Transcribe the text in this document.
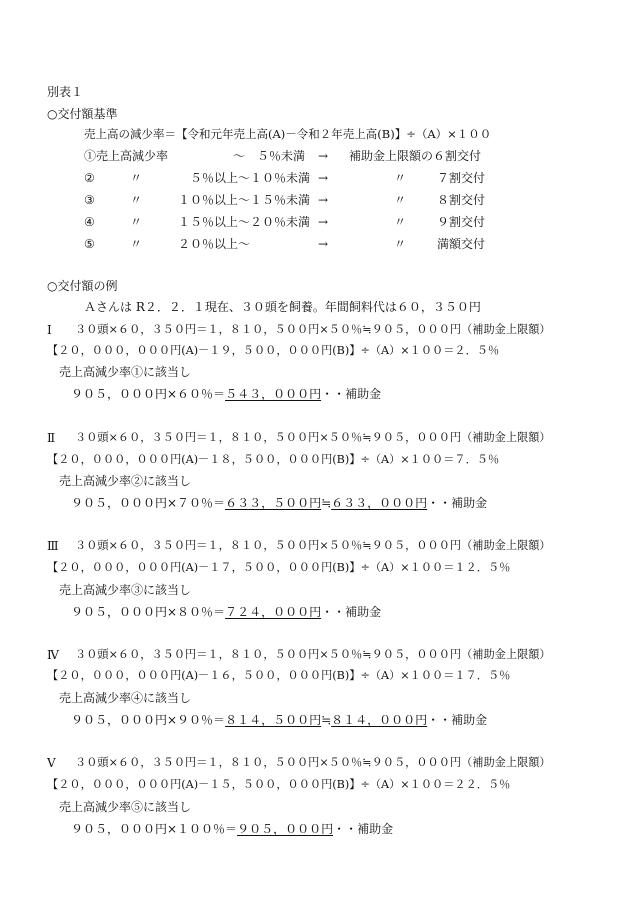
別表１
○交付額基準
売上高の減少率＝【令和元年売上高(A)－令和２年売上高(B)】÷（A）×１００
①売上高減少率	～　５％未満 → 補助金上限額の６割交付
②	〃	５％以上～１０％未満 →	〃	７割交付
③	〃	１０％以上～１５％未満 →	〃	８割交付
④	〃	１５％以上～２０％未満 →	〃	９割交付
⑤	〃	２０％以上～	→	〃	満額交付
○交付額の例
Ａさんは R２．２．１現在、３０頭を飼養。年間飼料代は６０，３５０円
Ⅰ ３０頭×６０，３５０円＝１，８１０，５００円×５０％≒９０５，０００円（補助金上限額）
【２０，０００，０００円(A)－１９，５００，０００円(B)】÷（A）×１００＝２．５％
売上高減少率①に該当し
９０５，０００円×６０％＝５４３，０００円・・補助金
Ⅱ ３０頭×６０，３５０円＝１，８１０，５００円×５０％≒９０５，０００円（補助金上限額）
【２０，０００，０００円(A)－１８，５００，０００円(B)】÷（A）×１００＝７．５％
売上高減少率②に該当し
９０５，０００円×７０％＝６３３，５００円≒６３３，０００円・・補助金
Ⅲ ３０頭×６０，３５０円＝１，８１０，５００円×５０％≒９０５，０００円（補助金上限額）
【２０，０００，０００円(A)－１７，５００，０００円(B)】÷（A）×１００＝１２．５％
売上高減少率③に該当し
９０５，０００円×８０％＝７２４，０００円・・補助金
Ⅳ ３０頭×６０，３５０円＝１，８１０，５００円×５０％≒９０５，０００円（補助金上限額）
【２０，０００，０００円(A)－１６，５００，０００円(B)】÷（A）×１００＝１７．５％
売上高減少率④に該当し
９０５，０００円×９０％＝８１４，５００円≒８１４，０００円・・補助金
Ⅴ ３０頭×６０，３５０円＝１，８１０，５００円×５０％≒９０５，０００円（補助金上限額）
【２０，０００，０００円(A)－１５，５００，０００円(B)】÷（A）×１００＝２２．５％
売上高減少率⑤に該当し
９０５，０００円×１００％＝９０５，０００円・・補助金
